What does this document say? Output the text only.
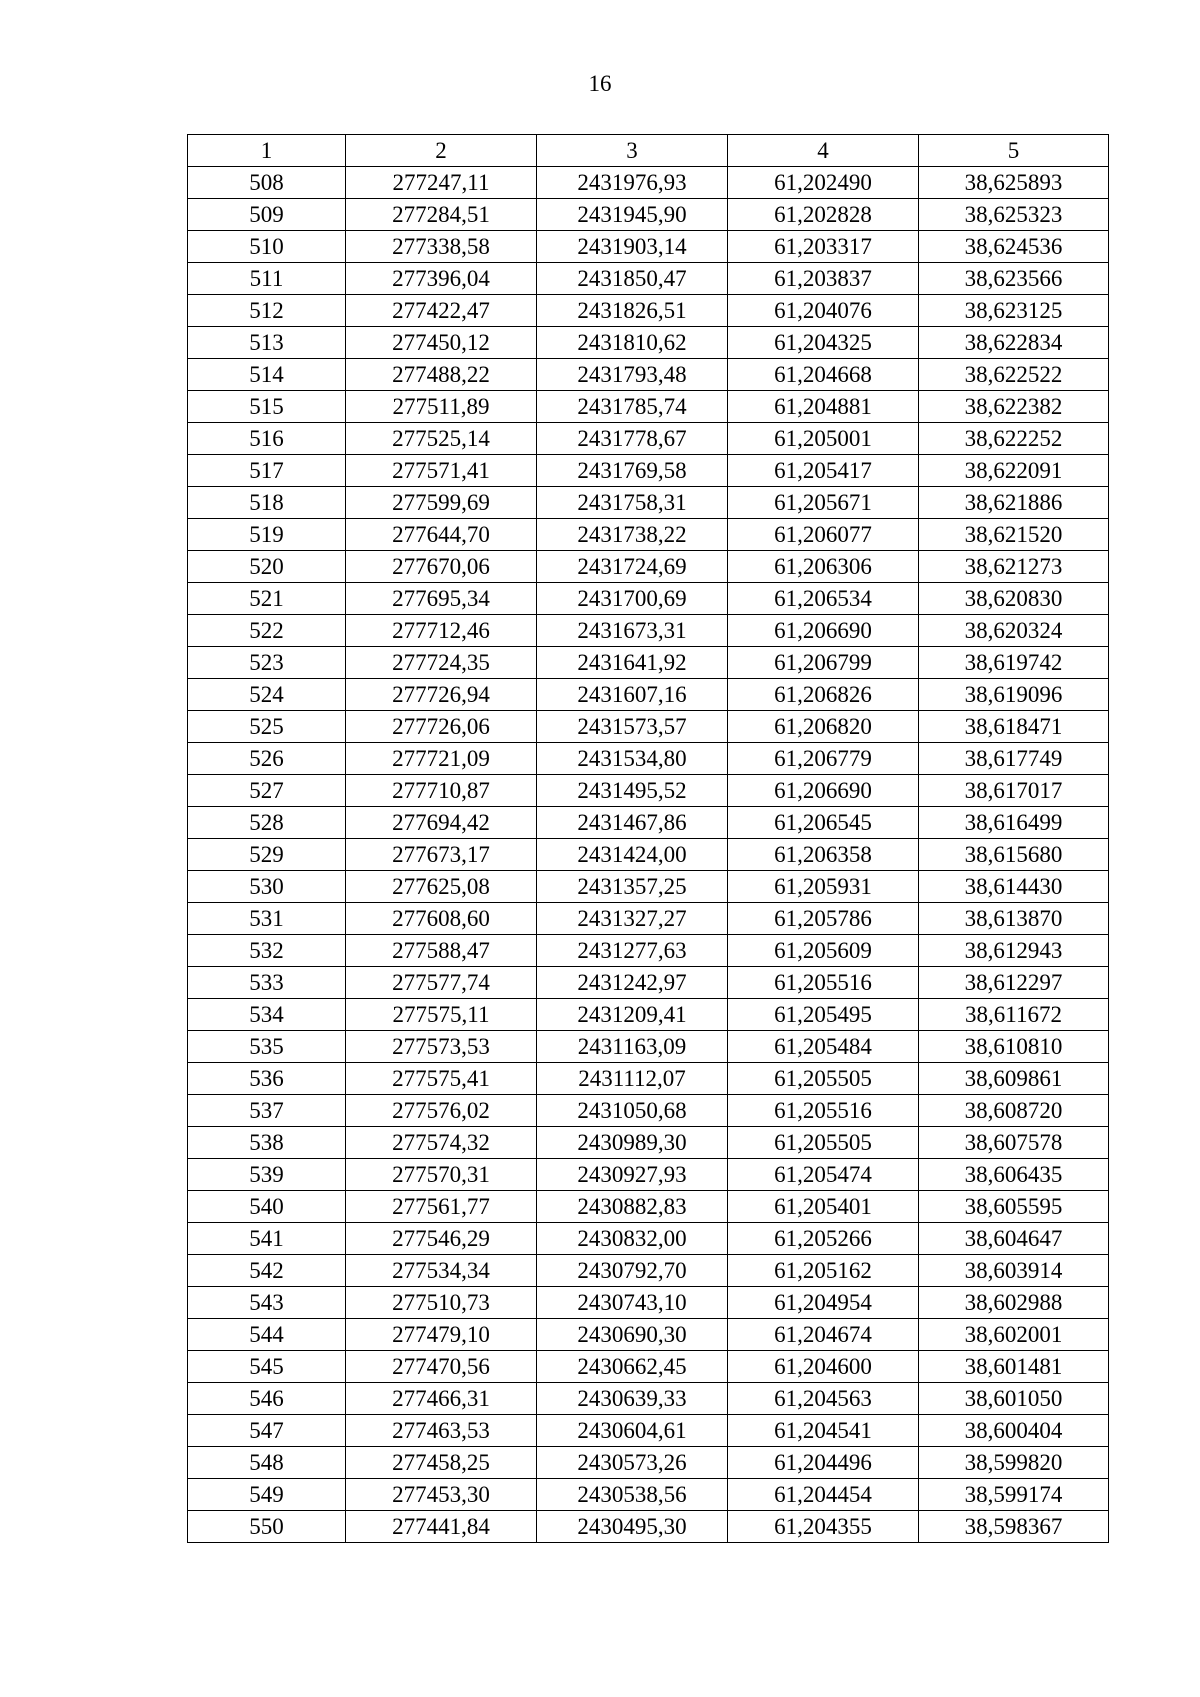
16
1	2	3	4	5
508	277247,11	2431976,93	61,202490	38,625893
509	277284,51	2431945,90	61,202828	38,625323
510	277338,58	2431903,14	61,203317	38,624536
511	277396,04	2431850,47	61,203837	38,623566
512	277422,47	2431826,51	61,204076	38,623125
513	277450,12	2431810,62	61,204325	38,622834
514	277488,22	2431793,48	61,204668	38,622522
515	277511,89	2431785,74	61,204881	38,622382
516	277525,14	2431778,67	61,205001	38,622252
517	277571,41	2431769,58	61,205417	38,622091
518	277599,69	2431758,31	61,205671	38,621886
519	277644,70	2431738,22	61,206077	38,621520
520	277670,06	2431724,69	61,206306	38,621273
521	277695,34	2431700,69	61,206534	38,620830
522	277712,46	2431673,31	61,206690	38,620324
523	277724,35	2431641,92	61,206799	38,619742
524	277726,94	2431607,16	61,206826	38,619096
525	277726,06	2431573,57	61,206820	38,618471
526	277721,09	2431534,80	61,206779	38,617749
527	277710,87	2431495,52	61,206690	38,617017
528	277694,42	2431467,86	61,206545	38,616499
529	277673,17	2431424,00	61,206358	38,615680
530	277625,08	2431357,25	61,205931	38,614430
531	277608,60	2431327,27	61,205786	38,613870
532	277588,47	2431277,63	61,205609	38,612943
533	277577,74	2431242,97	61,205516	38,612297
534	277575,11	2431209,41	61,205495	38,611672
535	277573,53	2431163,09	61,205484	38,610810
536	277575,41	2431112,07	61,205505	38,609861
537	277576,02	2431050,68	61,205516	38,608720
538	277574,32	2430989,30	61,205505	38,607578
539	277570,31	2430927,93	61,205474	38,606435
540	277561,77	2430882,83	61,205401	38,605595
541	277546,29	2430832,00	61,205266	38,604647
542	277534,34	2430792,70	61,205162	38,603914
543	277510,73	2430743,10	61,204954	38,602988
544	277479,10	2430690,30	61,204674	38,602001
545	277470,56	2430662,45	61,204600	38,601481
546	277466,31	2430639,33	61,204563	38,601050
547	277463,53	2430604,61	61,204541	38,600404
548	277458,25	2430573,26	61,204496	38,599820
549	277453,30	2430538,56	61,204454	38,599174
550	277441,84	2430495,30	61,204355	38,598367
